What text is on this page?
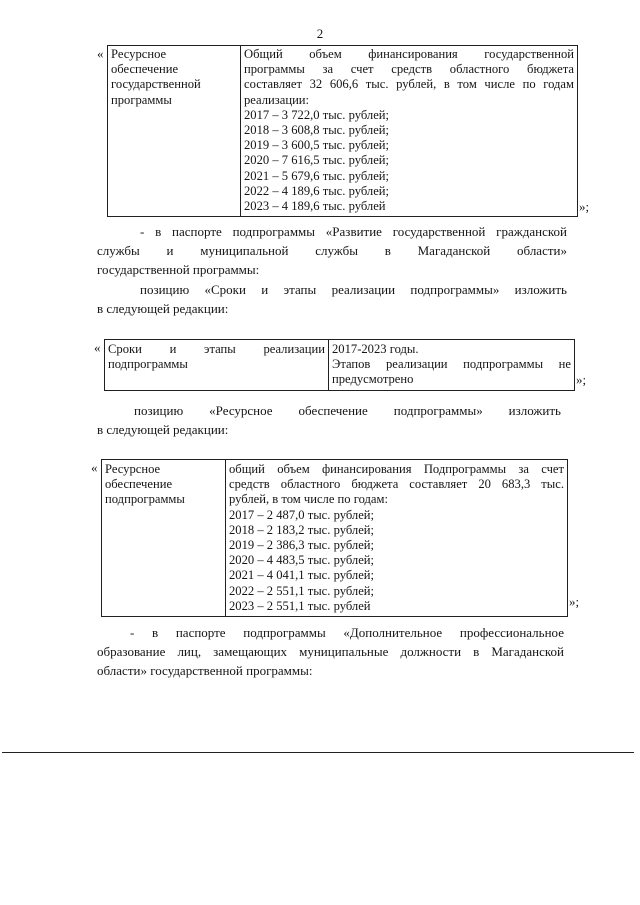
2
« Ресурсное
обеспечение
государственной
программы

Общий объем финансирования государственной
программы за счет средств областного бюджета
составляет 32 606,6 тыс. рублей, в том числе по годам
реализации:
2017 – 3 722,0 тыс. рублей;
2018 – 3 608,8 тыс. рублей;
2019 – 3 600,5 тыс. рублей;
2020 – 7 616,5 тыс. рублей;
2021 – 5 679,6 тыс. рублей;
2022 – 4 189,6 тыс. рублей;
2023 – 4 189,6 тыс. рублей	»;
- в паспорте подпрограммы «Развитие государственной гражданской
службы и муниципальной службы в Магаданской области»
государственной программы:
позицию «Сроки и этапы реализации подпрограммы» изложить
в следующей редакции:
« Сроки и этапы реализации
подпрограммы

2017-2023 годы.
Этапов реализации подпрограммы не
предусмотрено	»;
позицию «Ресурсное обеспечение подпрограммы» изложить
в следующей редакции:
« Ресурсное
обеспечение
подпрограммы

общий объем финансирования Подпрограммы за счет
средств областного бюджета составляет 20 683,3 тыс.
рублей, в том числе по годам:
2017 – 2 487,0 тыс. рублей;
2018 – 2 183,2 тыс. рублей;
2019 – 2 386,3 тыс. рублей;
2020 – 4 483,5 тыс. рублей;
2021 – 4 041,1 тыс. рублей;
2022 – 2 551,1 тыс. рублей;
2023 – 2 551,1 тыс. рублей	»;
- в паспорте подпрограммы «Дополнительное профессиональное
образование лиц, замещающих муниципальные должности в Магаданской
области» государственной программы:
